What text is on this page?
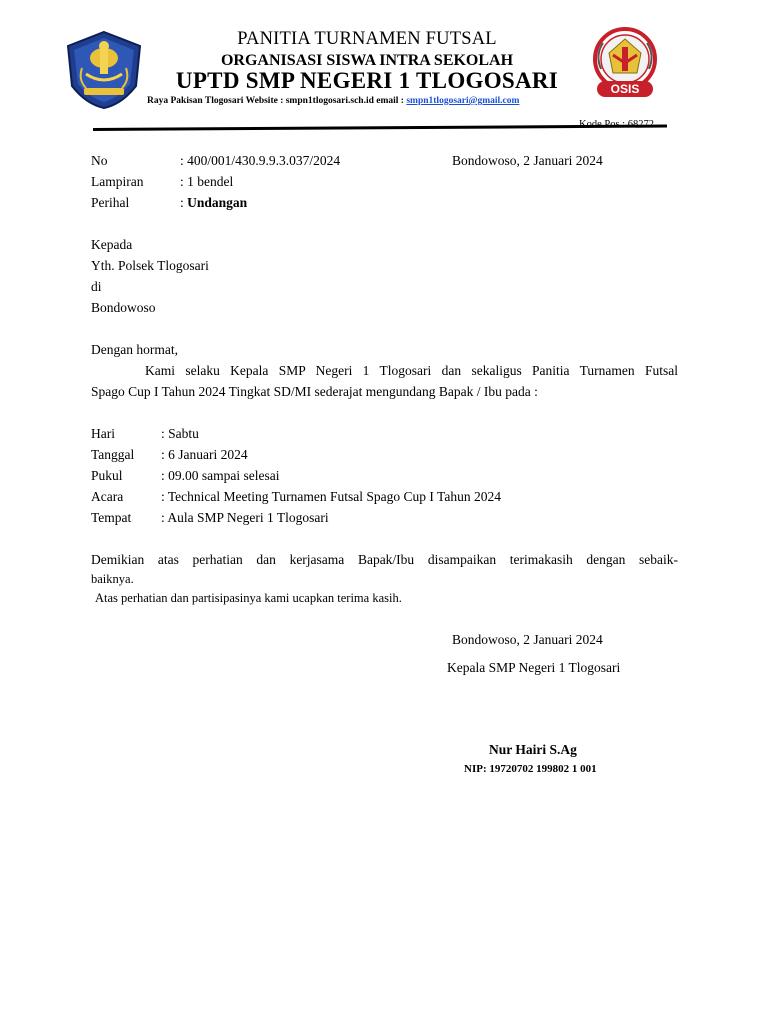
OSIS
PANITIA TURNAMEN FUTSAL
ORGANISASI SISWA INTRA SEKOLAH
UPTD SMP NEGERI 1 TLOGOSARI
Raya Pakisan Tlogosari Website : smpn1tlogosari.sch.id email : smpn1tlogosari@gmail.com
No	: 400/001/430.9.9.3.037/2024	Bondowoso, 2 Januari 2024
Lampiran	: 1 bendel
Perihal	: Undangan
Kepada
Yth. Polsek Tlogosari
di
Bondowoso
Dengan hormat,
Kami selaku Kepala SMP Negeri 1 Tlogosari dan sekaligus Panitia Turnamen Futsal
Spago Cup I Tahun 2024 Tingkat SD/MI sederajat mengundang Bapak / Ibu pada :
Hari	: Sabtu
Tanggal : 6 Januari 2024
Pukul	: 09.00 sampai selesai
Acara	: Technical Meeting Turnamen Futsal Spago Cup I Tahun 2024
Tempat : Aula SMP Negeri 1 Tlogosari
Demikian atas perhatian dan kerjasama Bapak/Ibu disampaikan terimakasih dengan sebaik-
baiknya.
Atas perhatian dan partisipasinya kami ucapkan terima kasih.
Bondowoso, 2 Januari 2024
Kepala SMP Negeri 1 Tlogosari
Nur Hairi S.Ag
NIP: 19720702 199802 1 001
